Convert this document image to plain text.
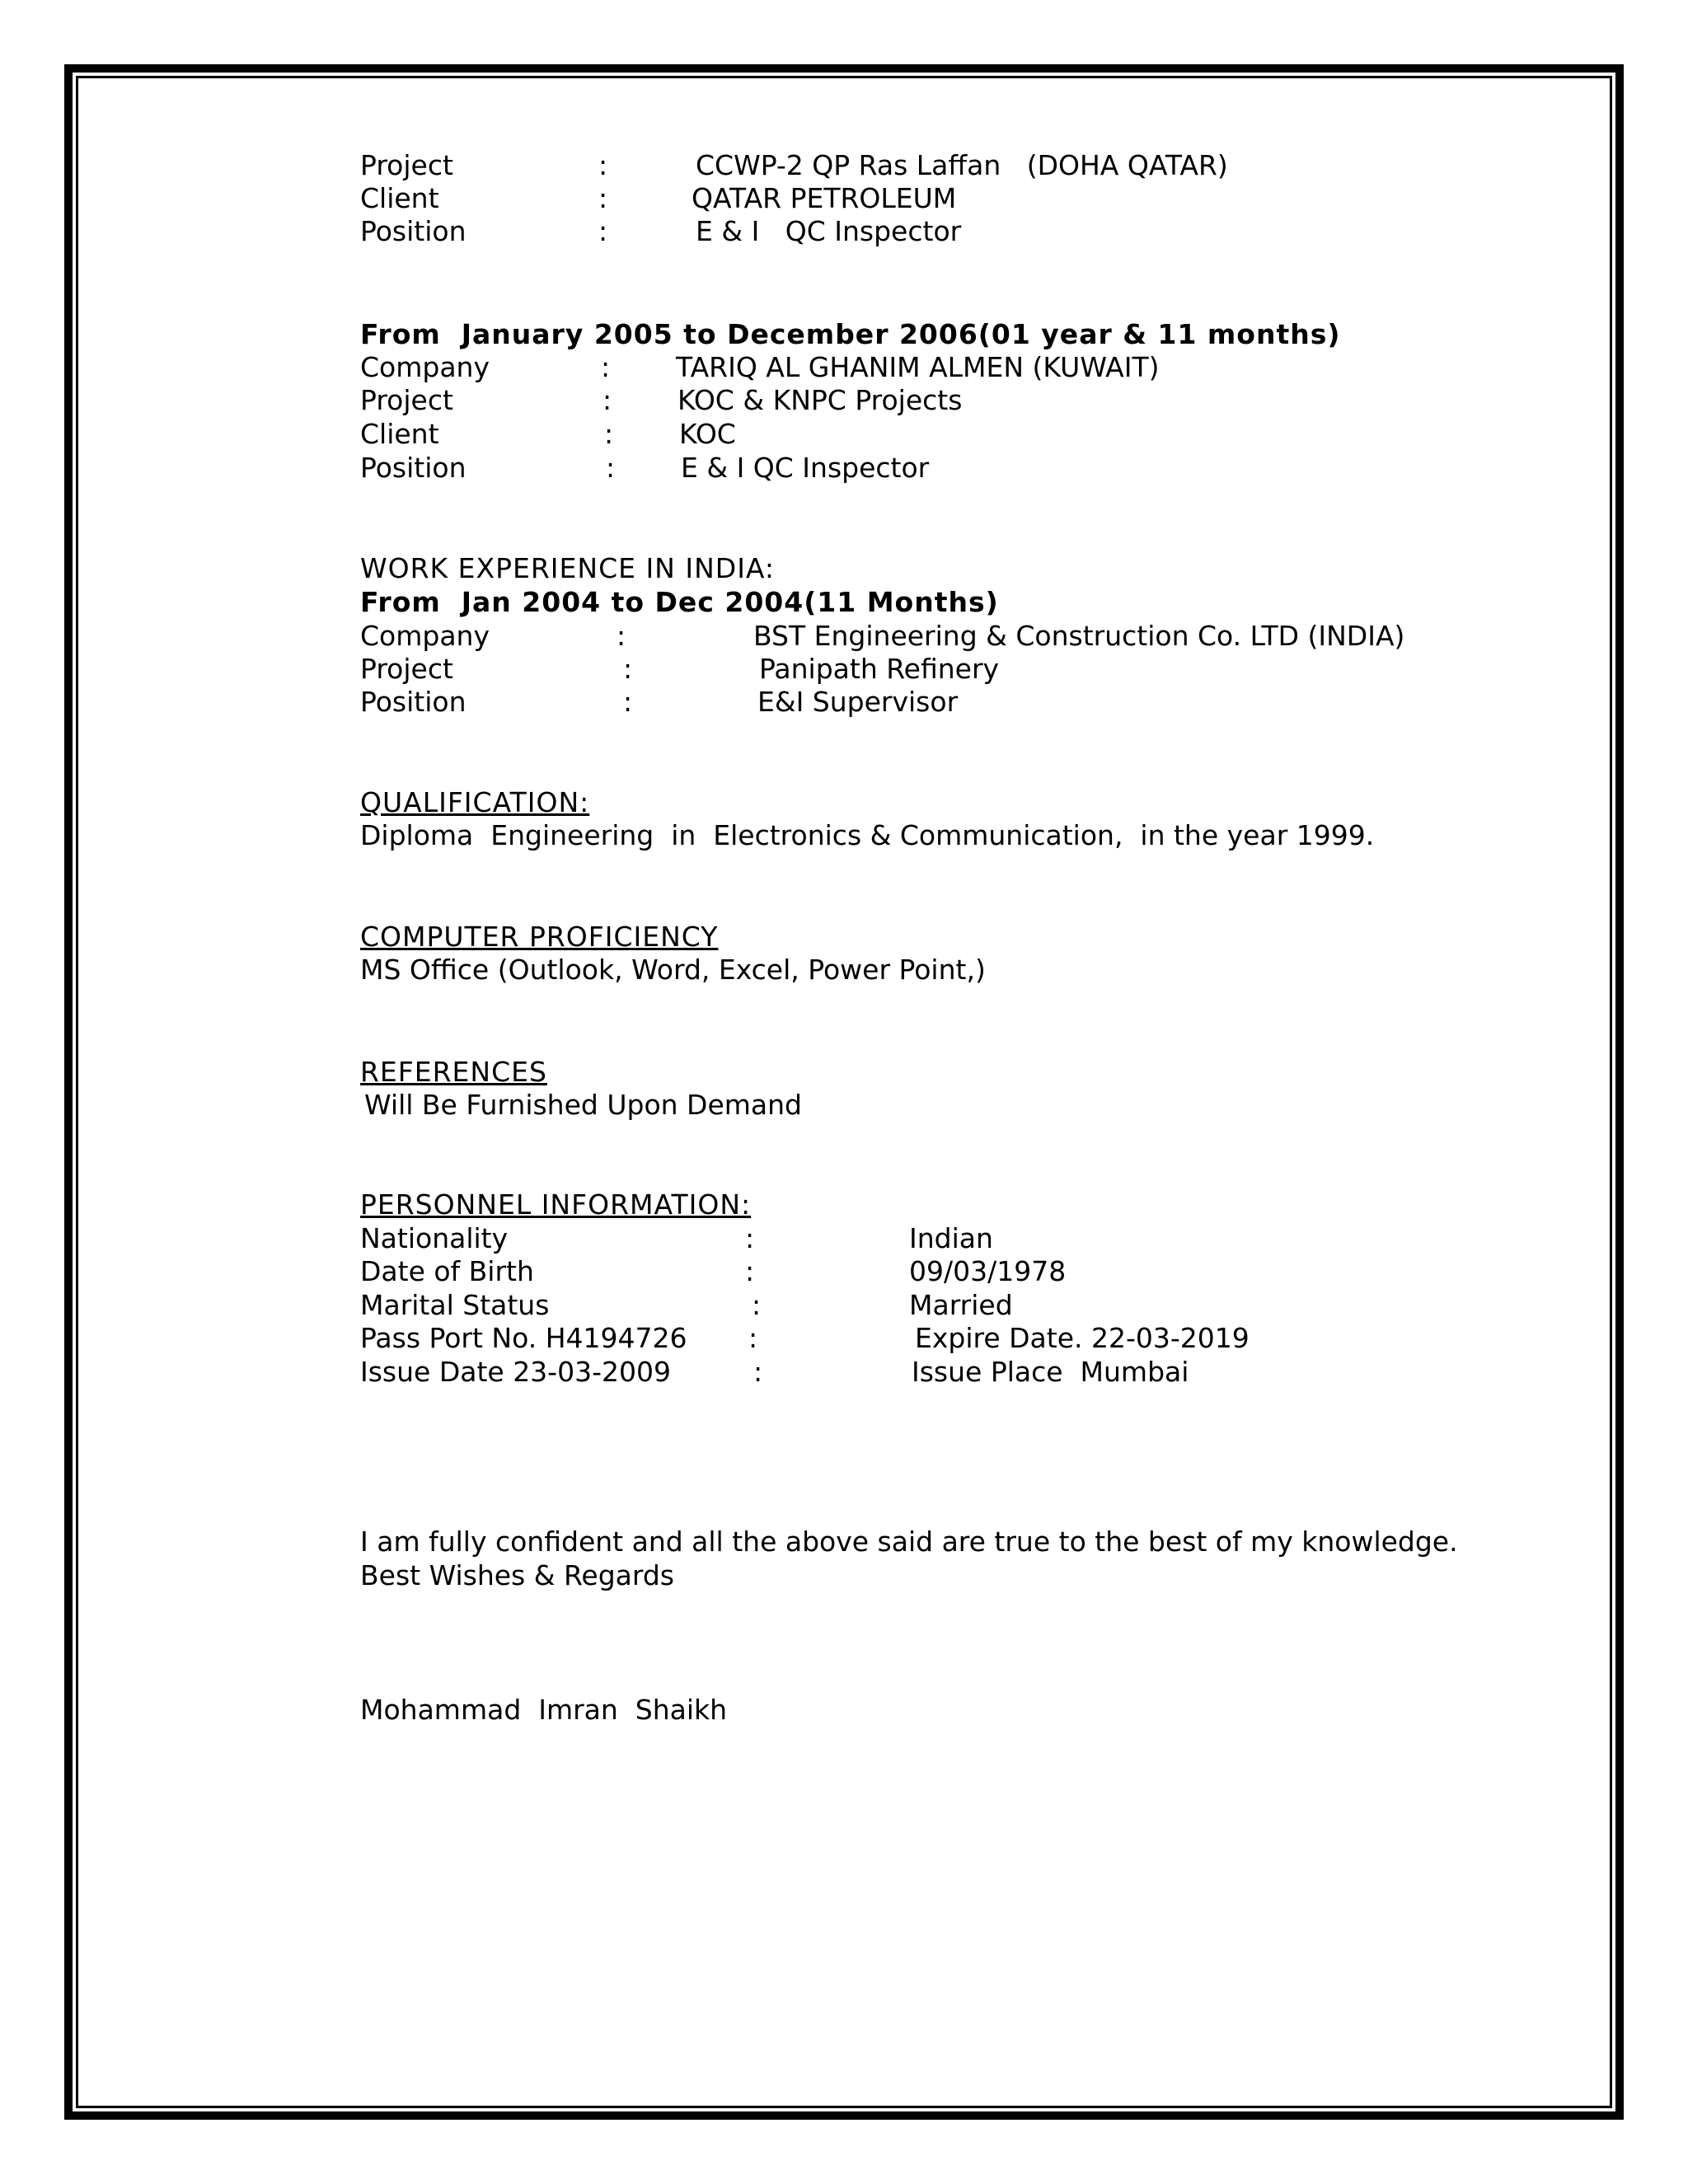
Project	:	CCWP-2 QP Ras Laffan   (DOHA QATAR)
Client	:	QATAR PETROLEUM
Position	:	E & I   QC Inspector
From  January 2005 to December 2006(01 year & 11 months)
Company	: TARIQ AL GHANIM ALMEN (KUWAIT)
Project	: KOC & KNPC Projects
Client	: KOC
Position	: E & I QC Inspector
WORK EXPERIENCE IN INDIA:
From  Jan 2004 to Dec 2004(11 Months)
Company	:	BST Engineering & Construction Co. LTD (INDIA)
Project	:	Panipath Refinery
Position	:	E&I Supervisor
QUALIFICATION:
Diploma  Engineering  in  Electronics & Communication,  in the year 1999.
COMPUTER PROFICIENCY
MS Office (Outlook, Word, Excel, Power Point,)
REFERENCES
Will Be Furnished Upon Demand
PERSONNEL INFORMATION:
Nationality	:	Indian
Date of Birth	:	09/03/1978
Marital Status	:	Married
Pass Port No. H4194726 :	Expire Date. 22-03-2019
Issue Date 23-03-2009	:	Issue Place  Mumbai
I am fully confident and all the above said are true to the best of my knowledge.
Best Wishes & Regards
Mohammad  Imran  Shaikh
